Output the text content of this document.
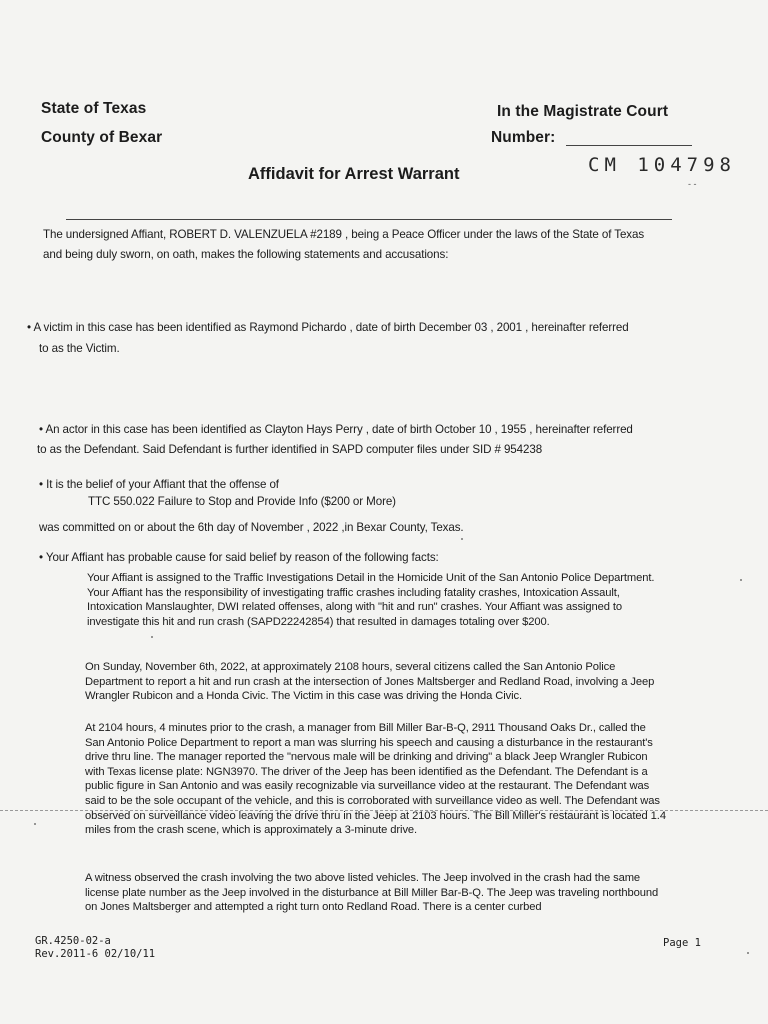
State of Texas
County of Bexar
In the Magistrate Court
Number:
CM 104798
- -
Affidavit for Arrest Warrant
The undersigned Affiant, ROBERT D. VALENZUELA #2189 , being a Peace Officer under the laws of the State of Texas
and being duly sworn, on oath, makes the following statements and accusations:
• A victim in this case has been identified as Raymond Pichardo , date of birth December 03 , 2001 , hereinafter referred
to as the Victim.
• An actor in this case has been identified as Clayton Hays Perry , date of birth October 10 , 1955 , hereinafter referred
to as the Defendant. Said Defendant is further identified in SAPD computer files under SID # 954238
• It is the belief of your Affiant that the offense of
TTC 550.022 Failure to Stop and Provide Info ($200 or More)
was committed on or about the 6th day of November , 2022 ,in Bexar County, Texas.
• Your Affiant has probable cause for said belief by reason of the following facts:
Your Affiant is assigned to the Traffic Investigations Detail in the Homicide Unit of the San Antonio Police Department. Your Affiant has the responsibility of investigating traffic crashes including fatality crashes, Intoxication Assault, Intoxication Manslaughter, DWI related offenses, along with "hit and run" crashes. Your Affiant was assigned to investigate this hit and run crash (SAPD22242854) that resulted in damages totaling over $200.
On Sunday, November 6th, 2022, at approximately 2108 hours, several citizens called the San Antonio Police Department to report a hit and run crash at the intersection of Jones Maltsberger and Redland Road, involving a Jeep Wrangler Rubicon and a Honda Civic. The Victim in this case was driving the Honda Civic.
At 2104 hours, 4 minutes prior to the crash, a manager from Bill Miller Bar-B-Q, 2911 Thousand Oaks Dr., called the San Antonio Police Department to report a man was slurring his speech and causing a disturbance in the restaurant's drive thru line. The manager reported the "nervous male will be drinking and driving" a black Jeep Wrangler Rubicon with Texas license plate: NGN3970. The driver of the Jeep has been identified as the Defendant. The Defendant is a public figure in San Antonio and was easily recognizable via surveillance video at the restaurant. The Defendant was said to be the sole occupant of the vehicle, and this is corroborated with surveillance video as well. The Defendant was observed on surveillance video leaving the drive thru in the Jeep at 2103 hours. The Bill Miller's restaurant is located 1.4 miles from the crash scene, which is approximately a 3-minute drive.
A witness observed the crash involving the two above listed vehicles. The Jeep involved in the crash had the same license plate number as the Jeep involved in the disturbance at Bill Miller Bar-B-Q. The Jeep was traveling northbound on Jones Maltsberger and attempted a right turn onto Redland Road. There is a center curbed
GR.4250-02-a
Rev.2011-6 02/10/11
Page 1
